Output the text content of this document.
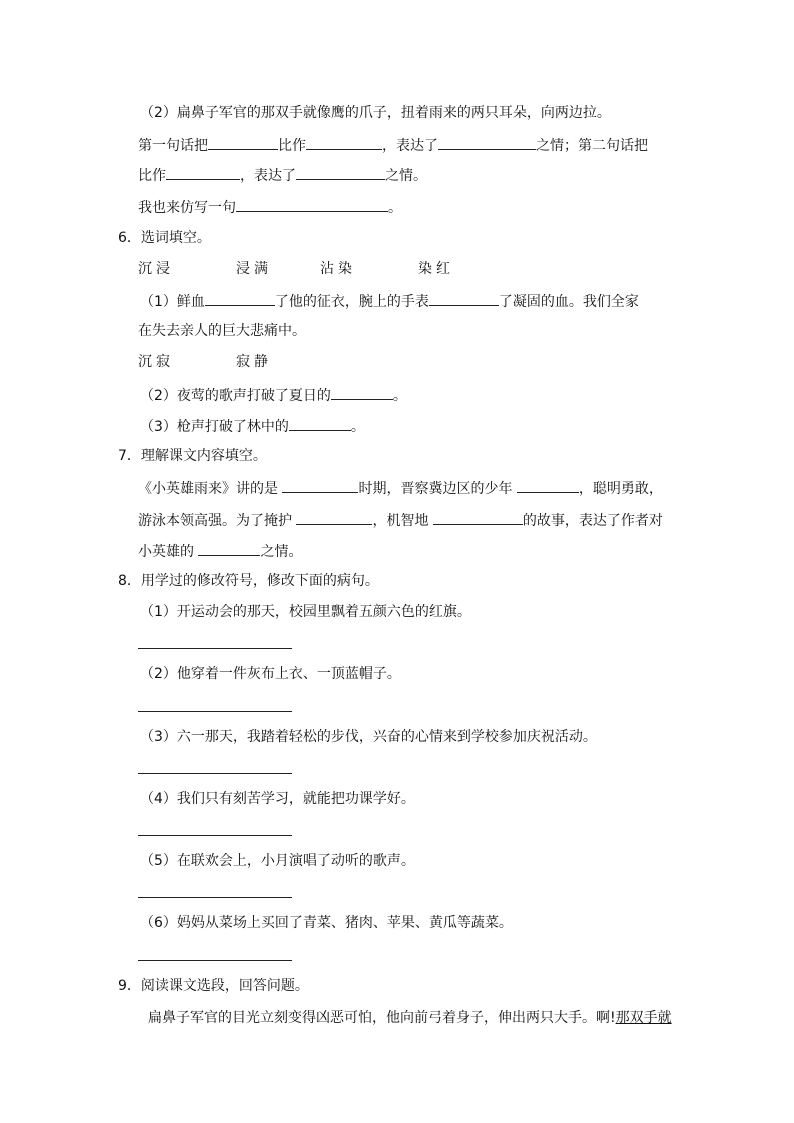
（2）扁鼻子军官的那双手就像鹰的爪子，扭着雨来的两只耳朵，向两边拉。
第一句话把	比作	，表达了	之情；第二句话把
比作	，表达了	之情。
我也来仿写一句	。
6．选词填空。
沉浸	浸满	沾染	染红
（1）鲜血	了他的征衣，腕上的手表	了凝固的血。我们全家
在失去亲人的巨大悲痛中。
沉寂	寂静
（2）夜莺的歌声打破了夏日的	。
（3）枪声打破了林中的	。
7．理解课文内容填空。
《小英雄雨来》讲的是	时期，晋察冀边区的少年	，聪明勇敢，
游泳本领高强。为了掩护	，机智地	的故事，表达了作者对
小英雄的	之情。
8．用学过的修改符号，修改下面的病句。
（1）开运动会的那天，校园里飘着五颜六色的红旗。
（2）他穿着一件灰布上衣、一顶蓝帽子。
（3）六一那天，我踏着轻松的步伐，兴奋的心情来到学校参加庆祝活动。
（4）我们只有刻苦学习，就能把功课学好。
（5）在联欢会上，小月演唱了动听的歌声。
（6）妈妈从菜场上买回了青菜、猪肉、苹果、黄瓜等蔬菜。
9．阅读课文选段，回答问题。
扁鼻子军官的目光立刻变得凶恶可怕，他向前弓着身子，伸出两只大手。啊!那双手就
